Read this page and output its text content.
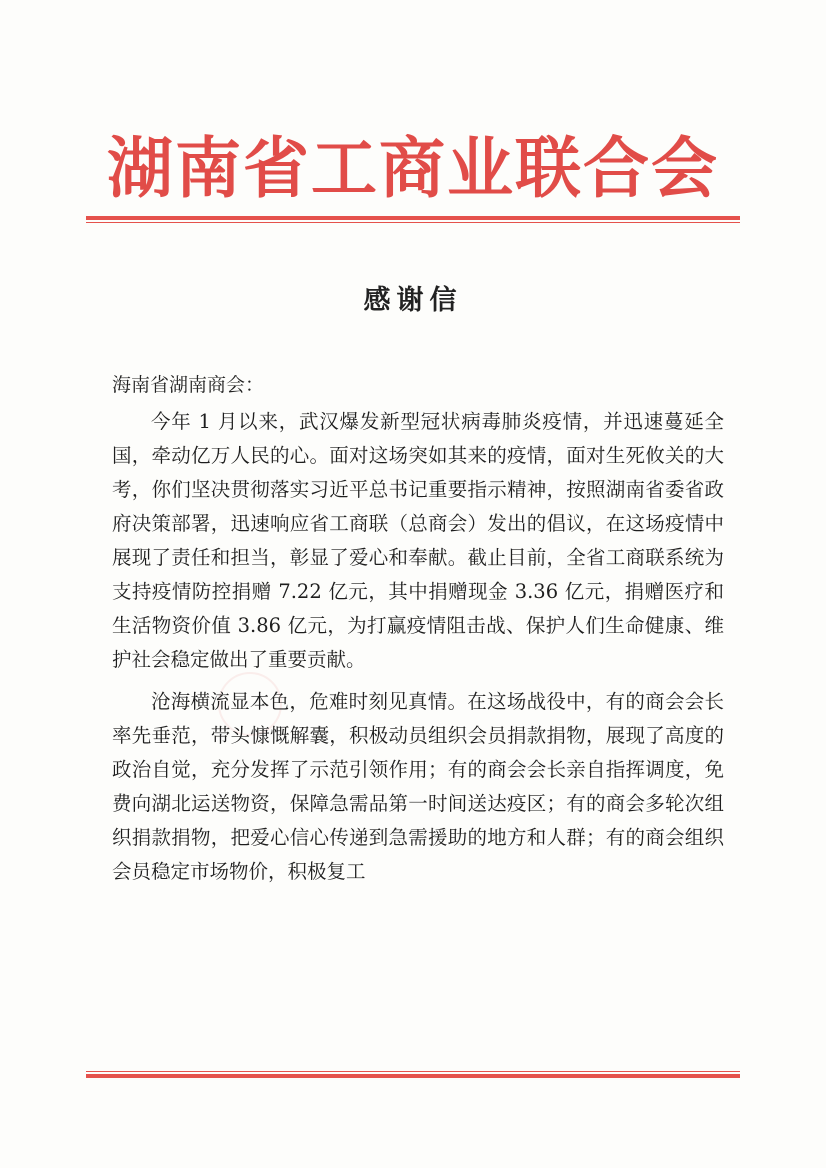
湖南省工商业联合会
感谢信
海南省湖南商会：

今年 1 月以来，武汉爆发新型冠状病毒肺炎疫情，并迅速蔓延全国，牵动亿万人民的心。面对这场突如其来的疫情，面对生死攸关的大考，你们坚决贯彻落实习近平总书记重要指示精神，按照湖南省委省政府决策部署，迅速响应省工商联（总商会）发出的倡议，在这场疫情中展现了责任和担当，彰显了爱心和奉献。截止目前，全省工商联系统为支持疫情防控捐赠 7.22 亿元，其中捐赠现金 3.36 亿元，捐赠医疗和生活物资价值 3.86 亿元，为打赢疫情阻击战、保护人们生命健康、维护社会稳定做出了重要贡献。

沧海横流显本色，危难时刻见真情。在这场战役中，有的商会会长率先垂范，带头慷慨解囊，积极动员组织会员捐款捐物，展现了高度的政治自觉，充分发挥了示范引领作用；有的商会会长亲自指挥调度，免费向湖北运送物资，保障急需品第一时间送达疫区；有的商会多轮次组织捐款捐物，把爱心信心传递到急需援助的地方和人群；有的商会组织会员稳定市场物价，积极复工
